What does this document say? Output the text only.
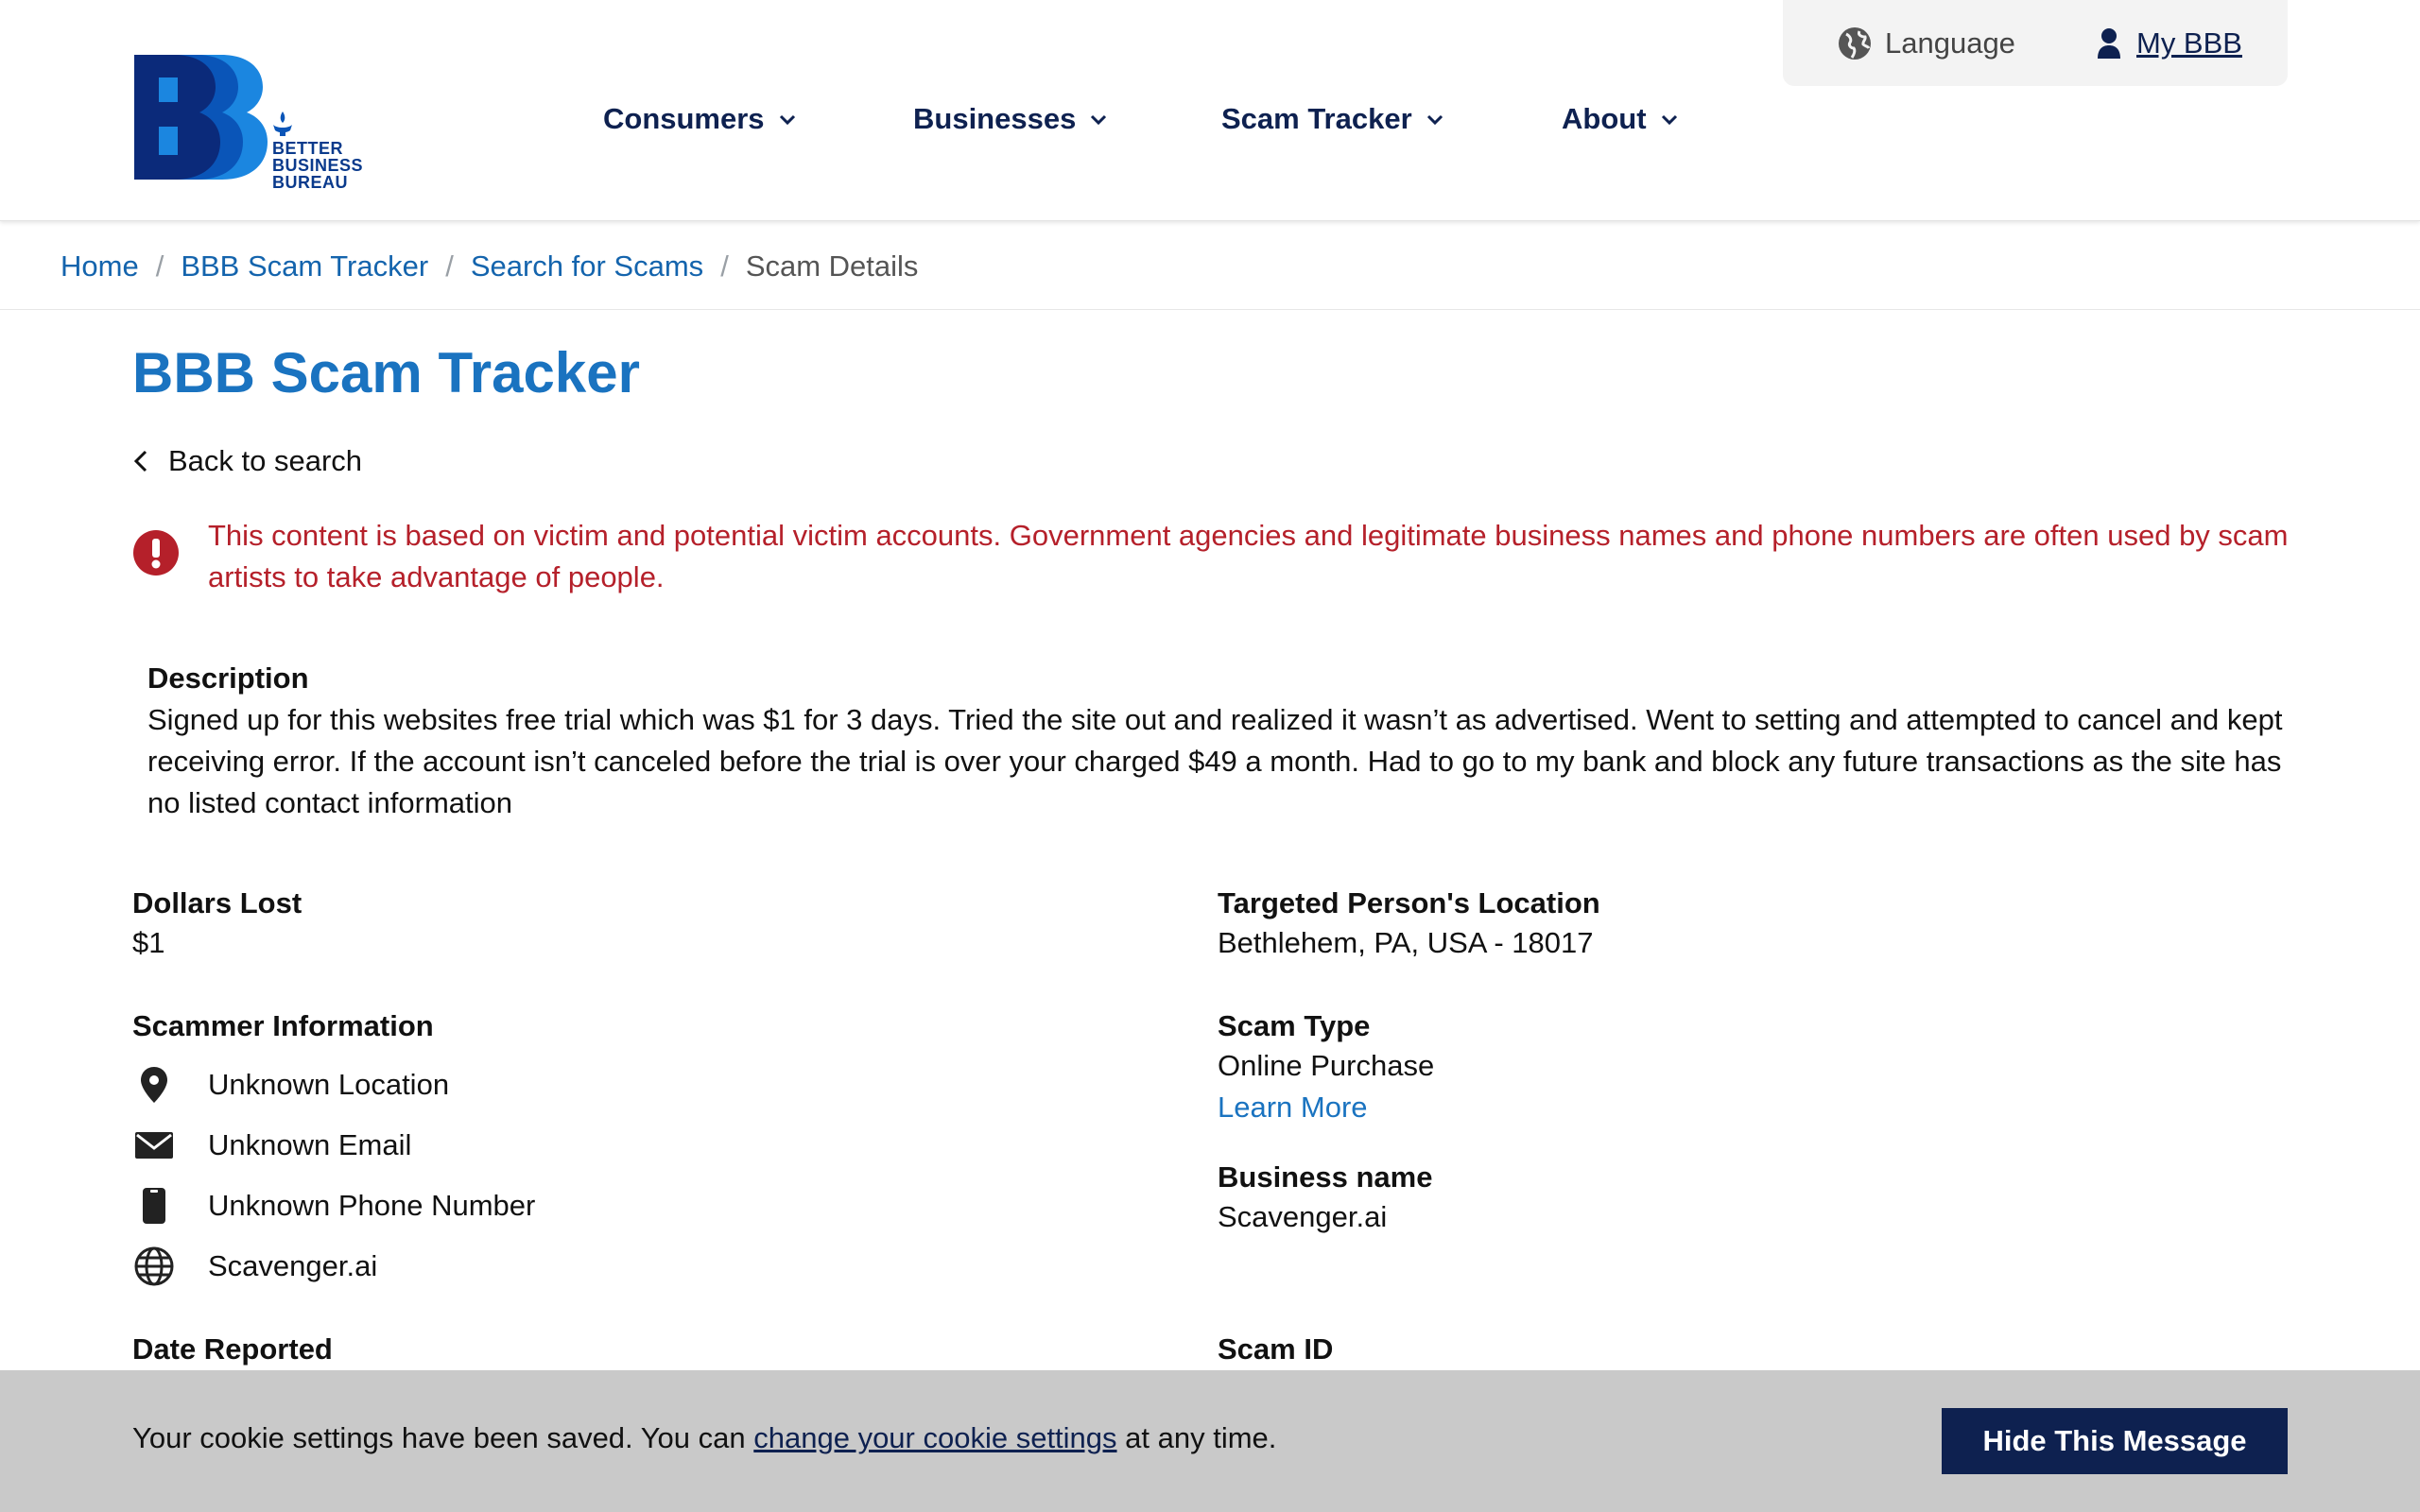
BETTER
BUSINESS
BUREAU
Language	My BBB
Consumers	Businesses	Scam Tracker	About
Home / BBB Scam Tracker / Search for Scams / Scam Details
BBB Scam Tracker
Back to search
This content is based on victim and potential victim accounts. Government agencies and legitimate business names and phone numbers are often used by scam artists to take advantage of people.
Description
Signed up for this websites free trial which was $1 for 3 days. Tried the site out and realized it wasn’t as advertised. Went to setting and attempted to cancel and kept receiving error. If the account isn’t canceled before the trial is over your charged $49 a month. Had to go to my bank and block any future transactions as the site has no listed contact information
Dollars Lost
$1
Targeted Person's Location
Bethlehem, PA, USA - 18017
Scammer Information
Unknown Location
Unknown Email
Unknown Phone Number
Scavenger.ai
Scam Type
Online Purchase
Learn More
Business name
Scavenger.ai
Date Reported	Scam ID
Your cookie settings have been saved. You can change your cookie settings at any time.	Hide This Message
